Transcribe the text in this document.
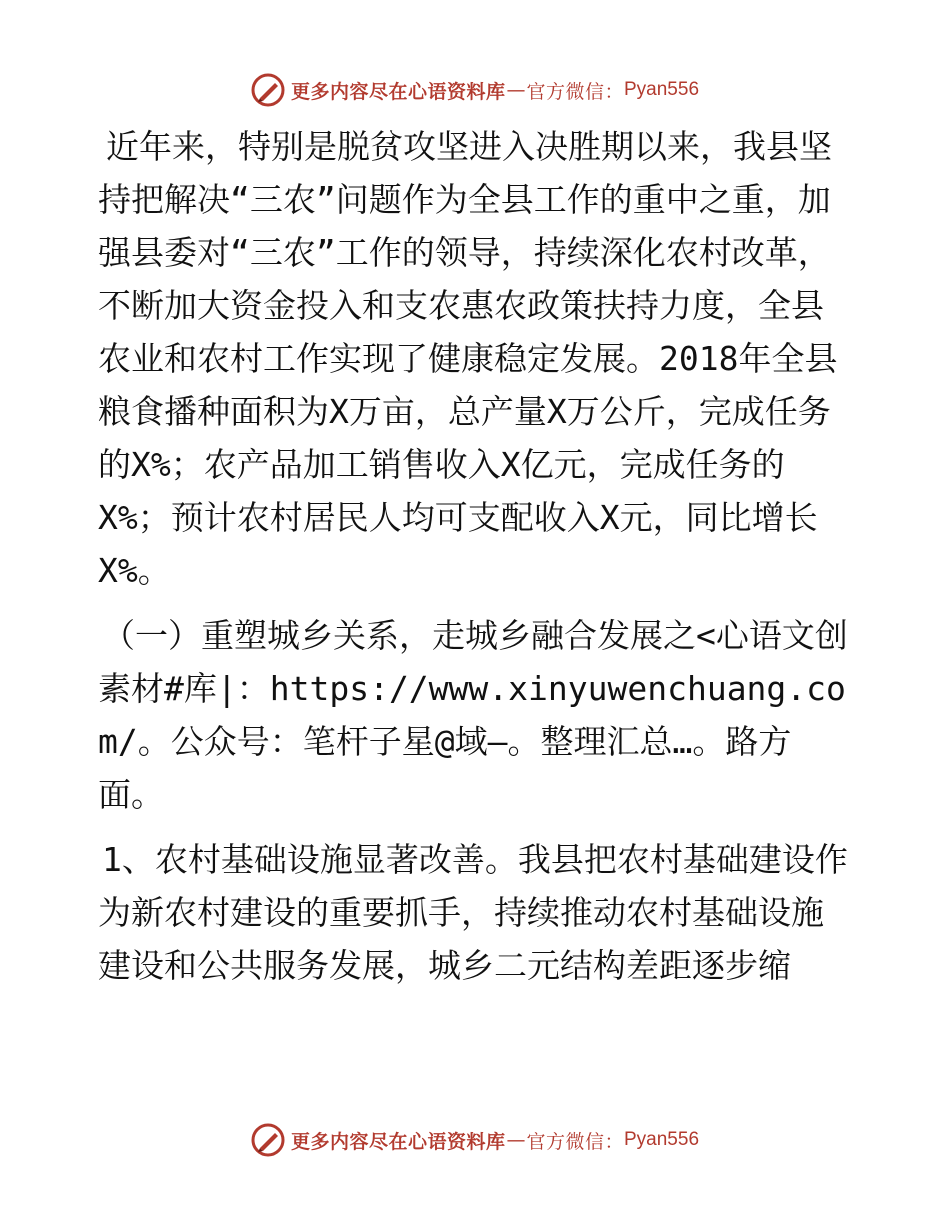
更多内容尽在心语资料库 — 官方微信： Pyan556

近年来，特别是脱贫攻坚进入决胜期以来，我县坚持把解决“三农”问题作为全县工作的重中之重，加强县委对“三农”工作的领导，持续深化农村改革，不断加大资金投入和支农惠农政策扶持力度，全县农业和农村工作实现了健康稳定发展。2018年全县粮食播种面积为X万亩，总产量X万公斤，完成任务的X%；农产品加工销售收入X亿元，完成任务的X%；预计农村居民人均可支配收入X元，同比增长X%。

（一）重塑城乡关系，走城乡融合发展之<心语文创素材#库|：https://www.xinyuwenchuang.com/。公众号：笔杆子星@域—。整理汇总…。路方面。

1、农村基础设施显著改善。我县把农村基础建设作为新农村建设的重要抓手，持续推动农村基础设施建设和公共服务发展，城乡二元结构差距逐步缩

更多内容尽在心语资料库 — 官方微信： Pyan556
